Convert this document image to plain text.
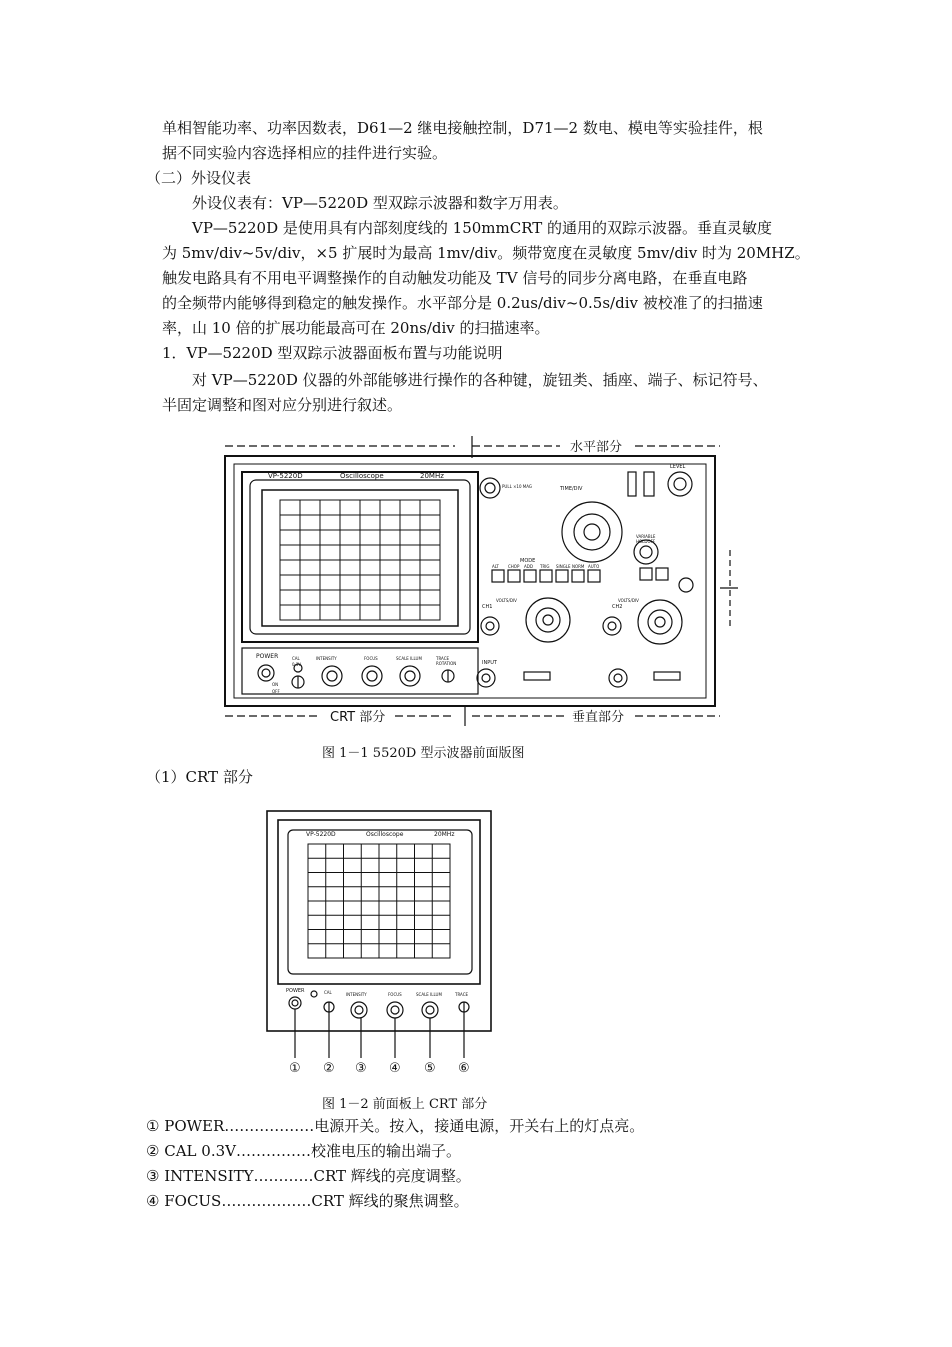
单相智能功率、功率因数表，D61—2 继电接触控制，D71—2 数电、模电等实验挂件，根
据不同实验内容选择相应的挂件进行实验。
（二）外设仪表
外设仪表有：VP—5220D 型双踪示波器和数字万用表。
VP—5220D 是使用具有内部刻度线的 150mmCRT 的通用的双踪示波器。垂直灵敏度
为 5mv/div~5v/div，×5 扩展时为最高 1mv/div。频带宽度在灵敏度 5mv/div 时为 20MHZ。
触发电路具有不用电平调整操作的自动触发功能及 TV 信号的同步分离电路，在垂直电路
的全频带内能够得到稳定的触发操作。水平部分是 0.2us/div~0.5s/div 被校准了的扫描速
率，山 10 倍的扩展功能最高可在 20ns/div 的扫描速率。
1．VP—5220D 型双踪示波器面板布置与功能说明
对 VP—5220D 仪器的外部能够进行操作的各种键，旋钮类、插座、端子、标记符号、
半固定调整和图对应分别进行叙述。
水平部分
CRT 部分	垂直部分
VP-5220D	Oscilloscope	20MHz
POWER	CAL	INTENSITY	FOCUS	SCALE ILLUM	TRACE
TIME/DIV
LEVEL
VARIABLE
MODE
CH1	CH2
INPUT
PULL ×10 MAG
图 1－1 5520D 型示波器前面版图
（1）CRT 部分
VP-5220D	Oscilloscope	20MHz
POWER	CAL	INTENSITY	FOCUS	SCALE ILLUM	TRACE
① ② ③ ④ ⑤ ⑥
图 1－2 前面板上 CRT 部分
① POWER………………电源开关。按入，接通电源，开关右上的灯点亮。
② CAL 0.3V……………校准电压的输出端子。
③ INTENSITY…………CRT 辉线的亮度调整。
④ FOCUS………………CRT 辉线的聚焦调整。
0.3V	ROTATION
ON
OFF
HOLDOFF
VOLTS/DIV	VOLTS/DIV
ALT CHOP ADD TRIG SINGLE NORM AUTO
